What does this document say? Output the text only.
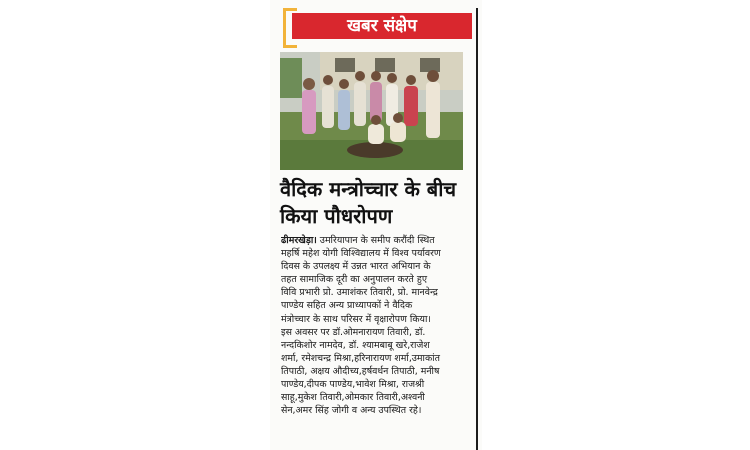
खबर संक्षेप
वैदिक मन्त्रोच्चार के बीच
किया पौधरोपण
ढीमरखेड़ा। उमरियापान के समीप करौंदी स्थित
महर्षि महेश योगी विश्विद्यालय में विश्व पर्यावरण
दिवस के उपलक्ष्य में उन्नत भारत अभियान के
तहत सामाजिक दूरी का अनुपालन करते हुए
विवि प्रभारी प्रो. उमाशंकर तिवारी, प्रो. मानवेन्द्र
पाण्डेय सहित अन्य प्राध्यापकों ने वैदिक
मंत्रोच्चार के साथ परिसर में वृक्षारोपण किया।
इस अवसर पर डॉ.ओमनारायण तिवारी, डॉ.
नन्दकिशोर नामदेव, डॉ. श्यामबाबू खरे,राजेश
शर्मा, रमेशचन्द्र मिश्रा,हरिनारायण शर्मा,उमाकांत
तिपाठी, अक्षय औदीच्य,हर्षवर्धन तिपाठी, मनीष
पाण्डेय,दीपक पाण्डेय,भावेश मिश्रा, राजश्री
साहू,मुकेश तिवारी,ओमकार तिवारी,अश्वनी
सेन,अमर सिंह जोगी व अन्य उपस्थित रहे।
